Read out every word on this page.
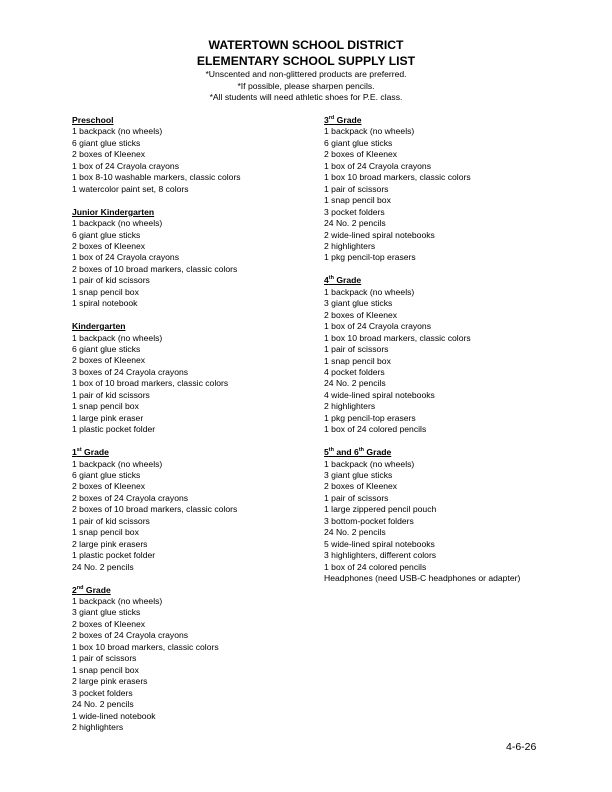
WATERTOWN SCHOOL DISTRICT

ELEMENTARY SCHOOL SUPPLY LIST

*Unscented and non-glittered products are preferred.

*If possible, please sharpen pencils.

*All students will need athletic shoes for P.E. class.

Preschool

1 backpack (no wheels)
6 giant glue sticks
2 boxes of Kleenex
1 box of 24 Crayola crayons
1 box 8-10 washable markers, classic colors
1 watercolor paint set, 8 colors

Junior Kindergarten

1 backpack (no wheels)
6 giant glue sticks
2 boxes of Kleenex
1 box of 24 Crayola crayons
2 boxes of 10 broad markers, classic colors
1 pair of kid scissors
1 snap pencil box
1 spiral notebook

Kindergarten

1 backpack (no wheels)
6 giant glue sticks
2 boxes of Kleenex
3 boxes of 24 Crayola crayons
1 box of 10 broad markers, classic colors
1 pair of kid scissors
1 snap pencil box
1 large pink eraser
1 plastic pocket folder

1st Grade

1 backpack (no wheels)
6 giant glue sticks
2 boxes of Kleenex
2 boxes of 24 Crayola crayons
2 boxes of 10 broad markers, classic colors
1 pair of kid scissors
1 snap pencil box
2 large pink erasers
1 plastic pocket folder
24 No. 2 pencils

2nd Grade

1 backpack (no wheels)
3 giant glue sticks
2 boxes of Kleenex
2 boxes of 24 Crayola crayons
1 box 10 broad markers, classic colors
1 pair of scissors
1 snap pencil box
2 large pink erasers
3 pocket folders
24 No. 2 pencils
1 wide-lined notebook
2 highlighters

3rd Grade

1 backpack (no wheels)
6 giant glue sticks
2 boxes of Kleenex
1 box of 24 Crayola crayons
1 box 10 broad markers, classic colors
1 pair of scissors
1 snap pencil box
3 pocket folders
24 No. 2 pencils
2 wide-lined spiral notebooks
2 highlighters
1 pkg pencil-top erasers

4th Grade

1 backpack (no wheels)
3 giant glue sticks
2 boxes of Kleenex
1 box of 24 Crayola crayons
1 box 10 broad markers, classic colors
1 pair of scissors
1 snap pencil box
4 pocket folders
24 No. 2 pencils
4 wide-lined spiral notebooks
2 highlighters
1 pkg pencil-top erasers
1 box of 24 colored pencils

5th and 6th Grade

1 backpack (no wheels)
3 giant glue sticks
2 boxes of Kleenex
1 pair of scissors
1 large zippered pencil pouch
3 bottom-pocket folders
24 No. 2 pencils
5 wide-lined spiral notebooks
3 highlighters, different colors
1 box of 24 colored pencils
Headphones (need USB-C headphones or adapter)
4-6-26
